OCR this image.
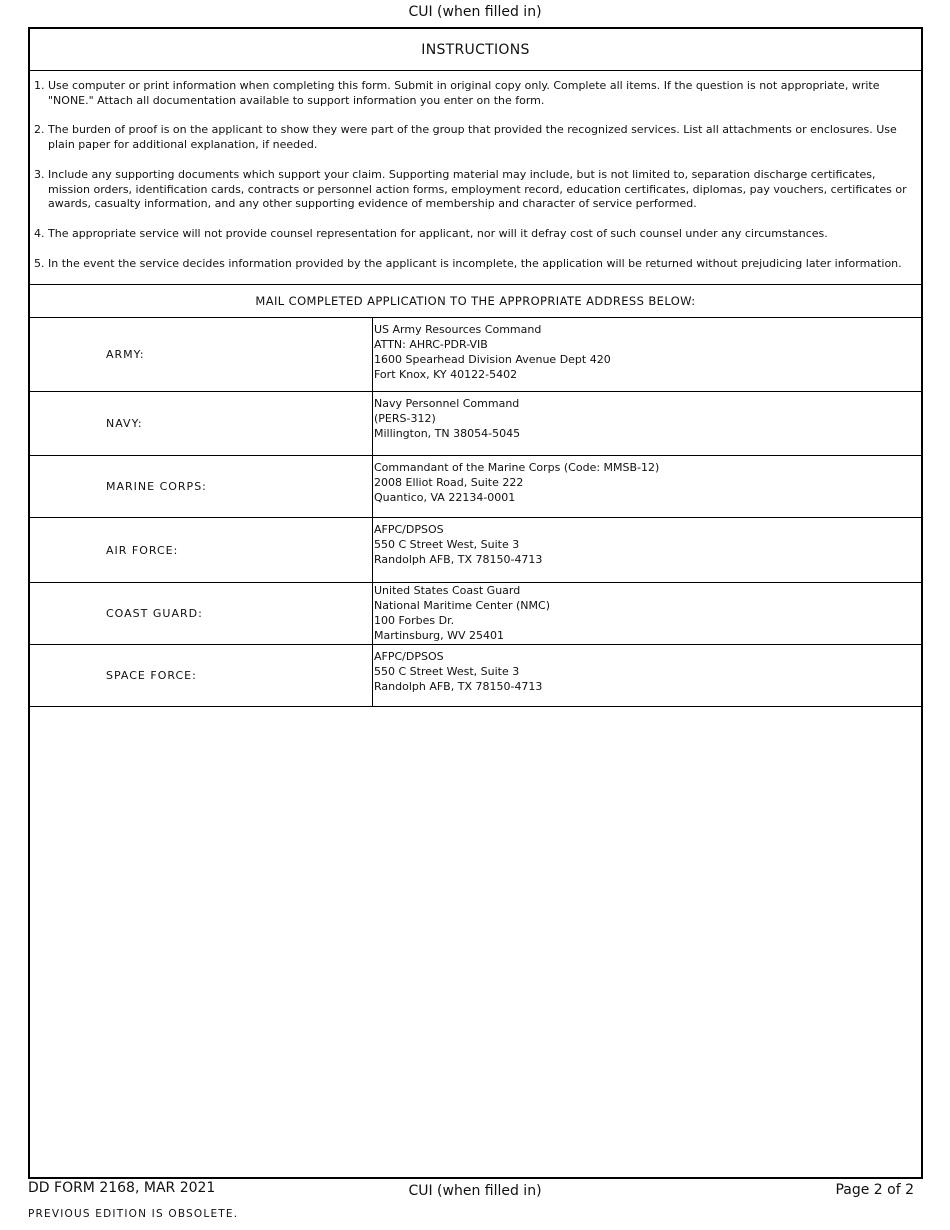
CUI (when filled in)
INSTRUCTIONS
1. Use computer or print information when completing this form. Submit in original copy only. Complete all items. If the question is not appropriate, write "NONE." Attach all documentation available to support information you enter on the form.
2. The burden of proof is on the applicant to show they were part of the group that provided the recognized services. List all attachments or enclosures. Use plain paper for additional explanation, if needed.
3. Include any supporting documents which support your claim. Supporting material may include, but is not limited to, separation discharge certificates, mission orders, identification cards, contracts or personnel action forms, employment record, education certificates, diplomas, pay vouchers, certificates or awards, casualty information, and any other supporting evidence of membership and character of service performed.
4. The appropriate service will not provide counsel representation for applicant, nor will it defray cost of such counsel under any circumstances.
5. In the event the service decides information provided by the applicant is incomplete, the application will be returned without prejudicing later information.
MAIL COMPLETED APPLICATION TO THE APPROPRIATE ADDRESS BELOW:
ARMY:
US Army Resources Command
ATTN: AHRC-PDR-VIB
1600 Spearhead Division Avenue Dept 420
Fort Knox, KY 40122-5402
NAVY:
Navy Personnel Command
(PERS-312)
Millington, TN 38054-5045
MARINE CORPS:
Commandant of the Marine Corps (Code: MMSB-12)
2008 Elliot Road, Suite 222
Quantico, VA 22134-0001
AIR FORCE:
AFPC/DPSOS
550 C Street West, Suite 3
Randolph AFB, TX 78150-4713
COAST GUARD:
United States Coast Guard
National Maritime Center (NMC)
100 Forbes Dr.
Martinsburg, WV 25401
SPACE FORCE:
AFPC/DPSOS
550 C Street West, Suite 3
Randolph AFB, TX 78150-4713
DD FORM 2168, MAR 2021	CUI (when filled in)	Page 2 of 2
PREVIOUS EDITION IS OBSOLETE.
